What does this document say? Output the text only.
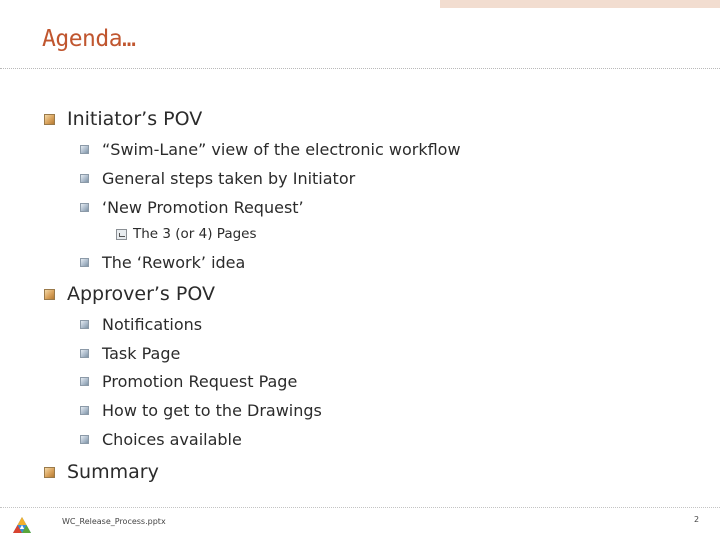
Agenda…
Initiator’s POV
“Swim-Lane” view of the electronic workflow
General steps taken by Initiator
‘New Promotion Request’
The 3 (or 4) Pages
The ‘Rework’ idea
Approver’s POV
Notifications
Task Page
Promotion Request Page
How to get to the Drawings
Choices available
Summary
WC_Release_Process.pptx	2
